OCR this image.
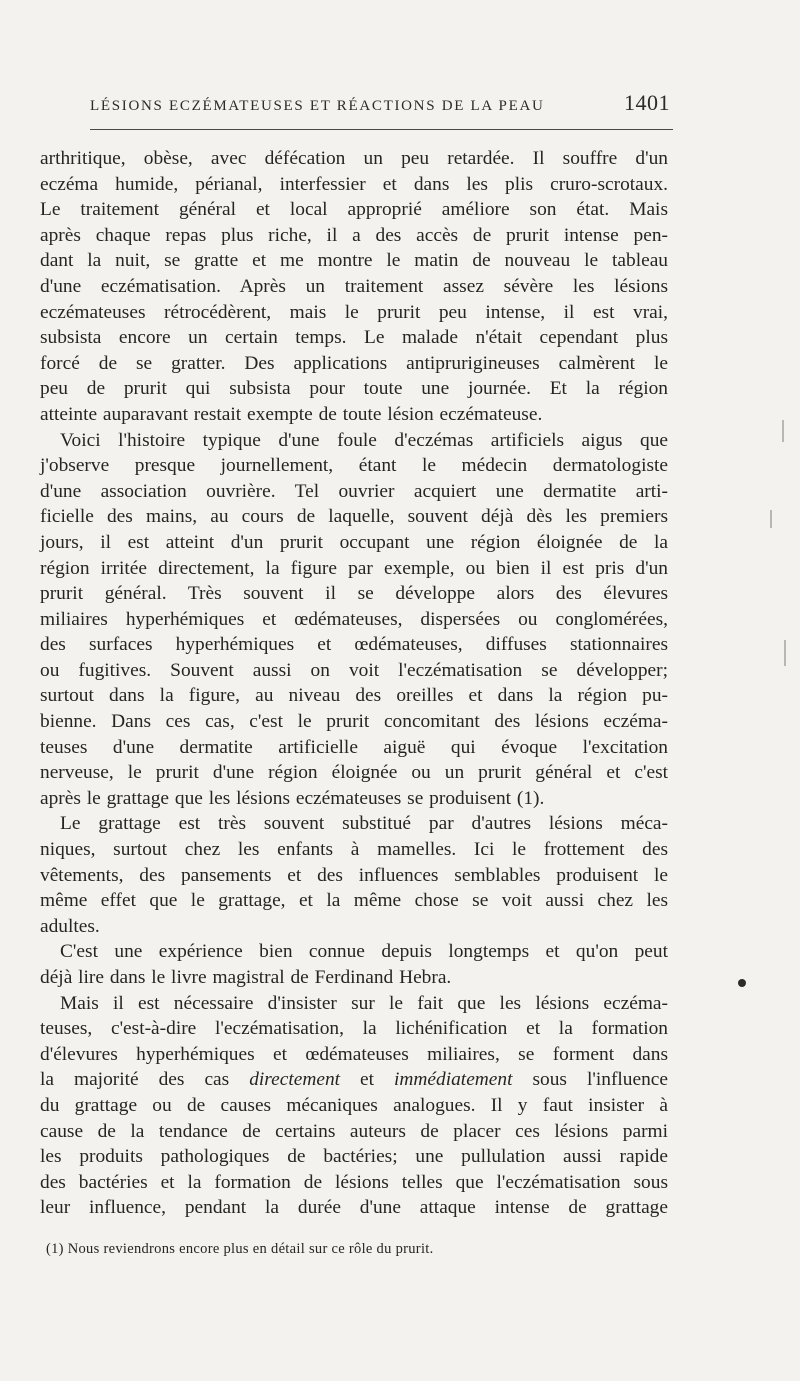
LÉSIONS ECZÉMATEUSES ET RÉACTIONS DE LA PEAU	1401
arthritique, obèse, avec défécation un peu retardée. Il souffre d'un
eczéma humide, périanal, interfessier et dans les plis cruro-scrotaux.
Le traitement général et local approprié améliore son état. Mais
après chaque repas plus riche, il a des accès de prurit intense pen-
dant la nuit, se gratte et me montre le matin de nouveau le tableau
d'une eczématisation. Après un traitement assez sévère les lésions
eczémateuses rétrocédèrent, mais le prurit peu intense, il est vrai,
subsista encore un certain temps. Le malade n'était cependant plus
forcé de se gratter. Des applications antiprurigineuses calmèrent le
peu de prurit qui subsista pour toute une journée. Et la région
atteinte auparavant restait exempte de toute lésion eczémateuse.
Voici l'histoire typique d'une foule d'eczémas artificiels aigus que
j'observe presque journellement, étant le médecin dermatologiste
d'une association ouvrière. Tel ouvrier acquiert une dermatite arti-
ficielle des mains, au cours de laquelle, souvent déjà dès les premiers
jours, il est atteint d'un prurit occupant une région éloignée de la
région irritée directement, la figure par exemple, ou bien il est pris d'un
prurit général. Très souvent il se développe alors des élevures
miliaires hyperhémiques et œdémateuses, dispersées ou conglomérées,
des surfaces hyperhémiques et œdémateuses, diffuses stationnaires
ou fugitives. Souvent aussi on voit l'eczématisation se développer;
surtout dans la figure, au niveau des oreilles et dans la région pu-
bienne. Dans ces cas, c'est le prurit concomitant des lésions eczéma-
teuses d'une dermatite artificielle aiguë qui évoque l'excitation
nerveuse, le prurit d'une région éloignée ou un prurit général et c'est
après le grattage que les lésions eczémateuses se produisent (1).
Le grattage est très souvent substitué par d'autres lésions méca-
niques, surtout chez les enfants à mamelles. Ici le frottement des
vêtements, des pansements et des influences semblables produisent le
même effet que le grattage, et la même chose se voit aussi chez les
adultes.
C'est une expérience bien connue depuis longtemps et qu'on peut
déjà lire dans le livre magistral de Ferdinand Hebra.
Mais il est nécessaire d'insister sur le fait que les lésions eczéma-
teuses, c'est-à-dire l'eczématisation, la lichénification et la formation
d'élevures hyperhémiques et œdémateuses miliaires, se forment dans
la majorité des cas directement et immédiatement sous l'influence
du grattage ou de causes mécaniques analogues. Il y faut insister à
cause de la tendance de certains auteurs de placer ces lésions parmi
les produits pathologiques de bactéries; une pullulation aussi rapide
des bactéries et la formation de lésions telles que l'eczématisation sous
leur influence, pendant la durée d'une attaque intense de grattage
(1) Nous reviendrons encore plus en détail sur ce rôle du prurit.
